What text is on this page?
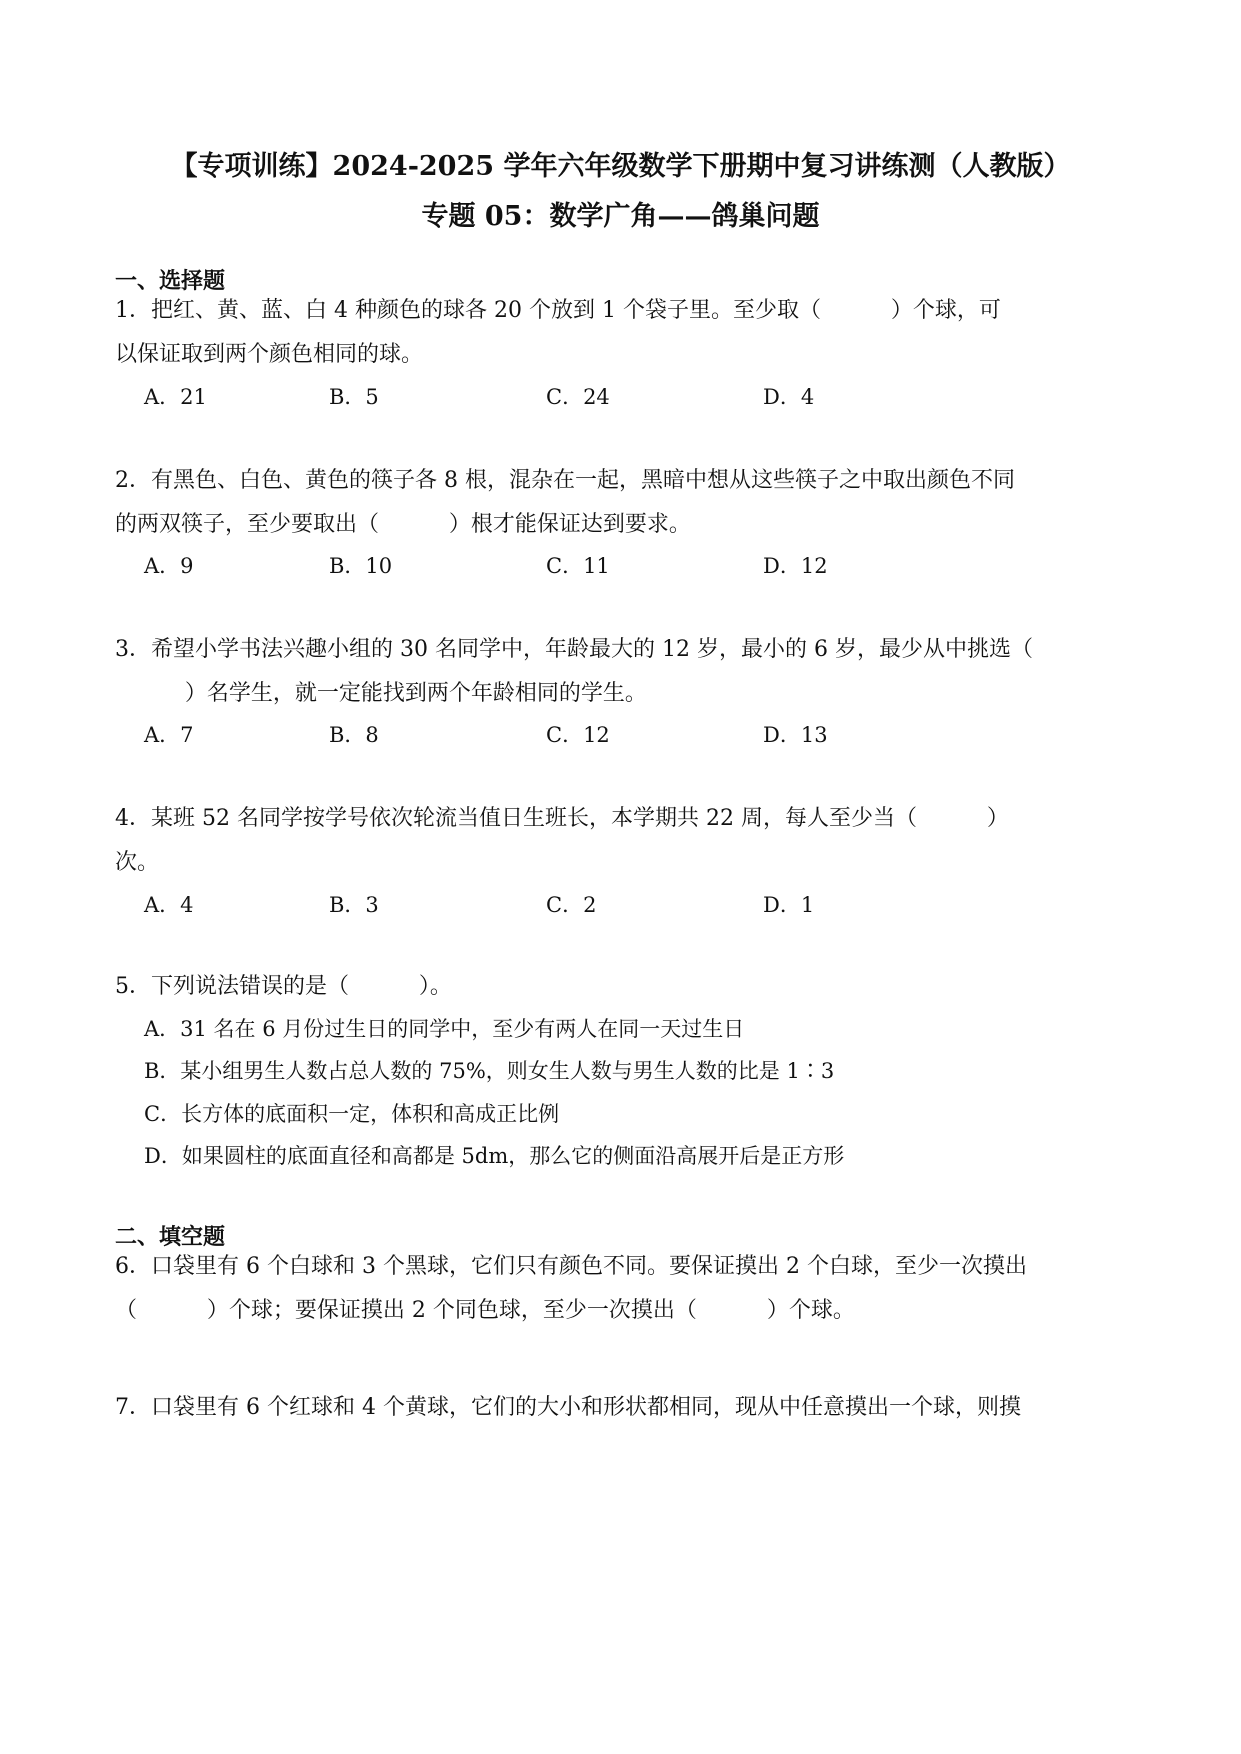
【专项训练】2024-2025 学年六年级数学下册期中复习讲练测（人教版）
专题 05：数学广角——鸽巢问题
一、选择题
1．把红、黄、蓝、白 4 种颜色的球各 20 个放到 1 个袋子里。至少取（          ）个球，可
以保证取到两个颜色相同的球。
A．21	B．5	C．24	D．4
2．有黑色、白色、黄色的筷子各 8 根，混杂在一起，黑暗中想从这些筷子之中取出颜色不同
的两双筷子，至少要取出（          ）根才能保证达到要求。
A．9	B．10	C．11	D．12
3．希望小学书法兴趣小组的 30 名同学中，年龄最大的 12 岁，最小的 6 岁，最少从中挑选（
）名学生，就一定能找到两个年龄相同的学生。
A．7	B．8	C．12	D．13
4．某班 52 名同学按学号依次轮流当值日生班长，本学期共 22 周，每人至少当（          ）
次。
A．4	B．3	C．2	D．1
5．下列说法错误的是（          ）。
A．31 名在 6 月份过生日的同学中，至少有两人在同一天过生日
B．某小组男生人数占总人数的 75%，则女生人数与男生人数的比是 1∶3
C．长方体的底面积一定，体积和高成正比例
D．如果圆柱的底面直径和高都是 5dm，那么它的侧面沿高展开后是正方形
二、填空题
6．口袋里有 6 个白球和 3 个黑球，它们只有颜色不同。要保证摸出 2 个白球，至少一次摸出
（          ）个球；要保证摸出 2 个同色球，至少一次摸出（          ）个球。
7．口袋里有 6 个红球和 4 个黄球，它们的大小和形状都相同，现从中任意摸出一个球，则摸
